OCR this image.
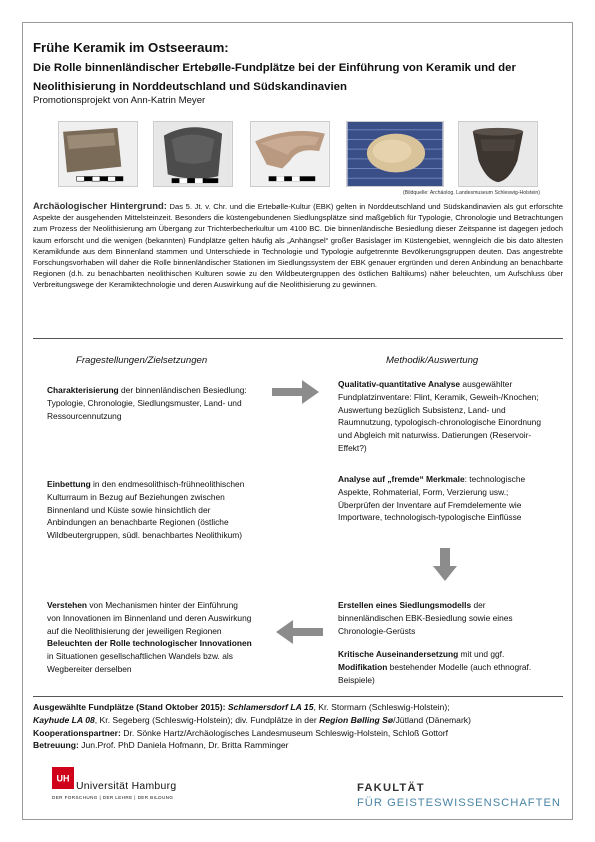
Frühe Keramik im Ostseeraum:
Die Rolle binnenländischer Ertebølle-Fundplätze bei der Einführung von Keramik und der Neolithisierung in Norddeutschland und Südskandinavien
Promotionsprojekt von Ann-Katrin Meyer
(Bildquelle: Archäolog. Landesmuseum Schleswig-Holstein)
Archäologischer Hintergrund: Das 5. Jt. v. Chr. und die Ertebølle-Kultur (EBK) gelten in Norddeutschland und Südskandinavien als gut erforschte Aspekte der ausgehenden Mittelsteinzeit. Besonders die küstengebundenen Siedlungsplätze sind maßgeblich für Typologie, Chronologie und Betrachtungen zum Prozess der Neolithisierung am Übergang zur Trichterbecherkultur um 4100 BC. Die binnenländische Besiedlung dieser Zeitspanne ist dagegen jedoch kaum erforscht und die wenigen (bekannten) Fundplätze gelten häufig als „Anhängsel“ großer Basislager im Küstengebiet, wenngleich die bis dato ältesten Keramikfunde aus dem Binnenland stammen und Unterschiede in Technologie und Typologie aufgetrennte Bevölkerungsgruppen deuten. Das angestrebte Forschungsvorhaben will daher die Rolle binnenländischer Stationen im Siedlungssystem der EBK genauer ergründen und deren Anbindung an benachbarte Regionen (d.h. zu benachbarten neolithischen Kulturen sowie zu den Wildbeutergruppen des östlichen Baltikums) näher beleuchten, um Aufschluss über Verbreitungswege der Keramiktechnologie und deren Auswirkung auf die Neolithisierung zu gewinnen.
Fragestellungen/Zielsetzungen	Methodik/Auswertung
Charakterisierung der binnenländischen Besiedlung: Typologie, Chronologie, Siedlungsmuster, Land- und Ressourcennutzung
Einbettung in den endmesolithisch-frühneolithischen Kulturraum in Bezug auf Beziehungen zwischen Binnenland und Küste sowie hinsichtlich der Anbindungen an benachbarte Regionen (östliche Wildbeutergruppen, südl. benachbartes Neolithikum)
Verstehen von Mechanismen hinter der Einführung von Innovationen im Binnenland und deren Auswirkung auf die Neolithisierung der jeweiligen Regionen
Beleuchten der Rolle technologischer Innovationen in Situationen gesellschaftlichen Wandels bzw. als Wegbereiter derselben
Qualitativ-quantitative Analyse ausgewählter Fundplatzinventare: Flint, Keramik, Geweih-/Knochen; Auswertung bezüglich Subsistenz, Land- und Raumnutzung, typologisch-chronologische Einordnung und Abgleich mit naturwiss. Datierungen (Reservoir-Effekt?)
Analyse auf „fremde“ Merkmale: technologische Aspekte, Rohmaterial, Form, Verzierung usw.; Überprüfen der Inventare auf Fremdelemente wie Importware, technologisch-typologische Einflüsse
Erstellen eines Siedlungsmodells der binnenländischen EBK-Besiedlung sowie eines Chronologie-Gerüsts
Kritische Auseinandersetzung mit und ggf. Modifikation bestehender Modelle (auch ethnograf. Beispiele)
Ausgewählte Fundplätze (Stand Oktober 2015): Schlamersdorf LA 15, Kr. Stormarn (Schleswig-Holstein);
Kayhude LA 08, Kr. Segeberg (Schleswig-Holstein); div. Fundplätze in der Region Bølling Sø/Jütland (Dänemark)
Kooperationspartner: Dr. Sönke Hartz/Archäologisches Landesmuseum Schleswig-Holstein, Schloß Gottorf
Betreuung: Jun.Prof. PhD Daniela Hofmann, Dr. Britta Ramminger
UH
Universität Hamburg
DER FORSCHUNG | DER LEHRE | DER BILDUNG
FAKULTÄT
FÜR GEISTESWISSENSCHAFTEN
